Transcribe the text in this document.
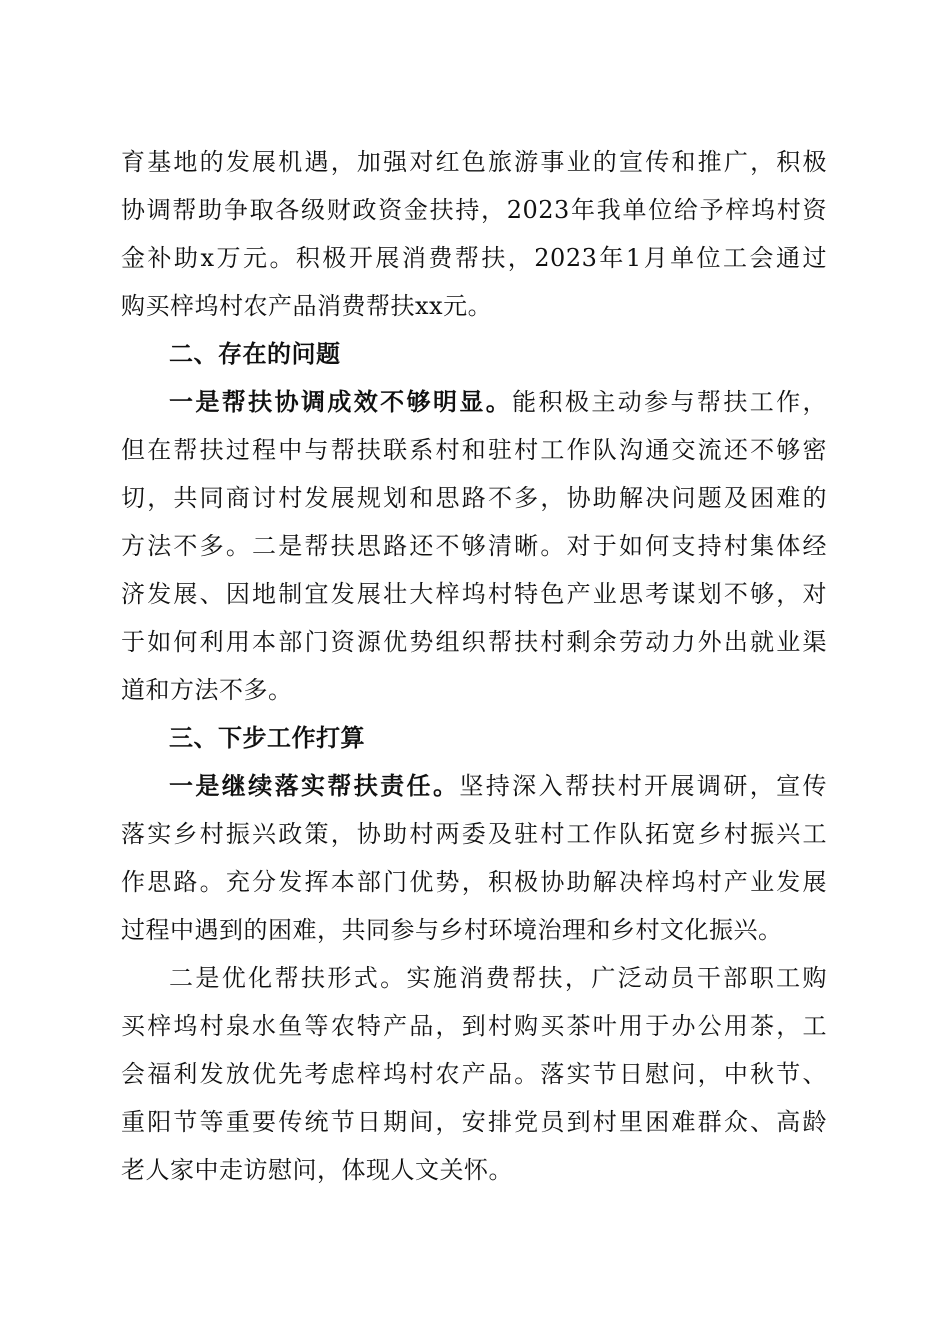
育基地的发展机遇，加强对红色旅游事业的宣传和推广，积极
协调帮助争取各级财政资金扶持，2023年我单位给予梓坞村资
金补助x万元。积极开展消费帮扶，2023年1月单位工会通过
购买梓坞村农产品消费帮扶xx元。
二、存在的问题
一是帮扶协调成效不够明显。能积极主动参与帮扶工作，
但在帮扶过程中与帮扶联系村和驻村工作队沟通交流还不够密
切，共同商讨村发展规划和思路不多，协助解决问题及困难的
方法不多。二是帮扶思路还不够清晰。对于如何支持村集体经
济发展、因地制宜发展壮大梓坞村特色产业思考谋划不够，对
于如何利用本部门资源优势组织帮扶村剩余劳动力外出就业渠
道和方法不多。
三、下步工作打算
一是继续落实帮扶责任。坚持深入帮扶村开展调研，宣传
落实乡村振兴政策，协助村两委及驻村工作队拓宽乡村振兴工
作思路。充分发挥本部门优势，积极协助解决梓坞村产业发展
过程中遇到的困难，共同参与乡村环境治理和乡村文化振兴。
二是优化帮扶形式。实施消费帮扶，广泛动员干部职工购
买梓坞村泉水鱼等农特产品，到村购买茶叶用于办公用茶，工
会福利发放优先考虑梓坞村农产品。落实节日慰问，中秋节、
重阳节等重要传统节日期间，安排党员到村里困难群众、高龄
老人家中走访慰问，体现人文关怀。
